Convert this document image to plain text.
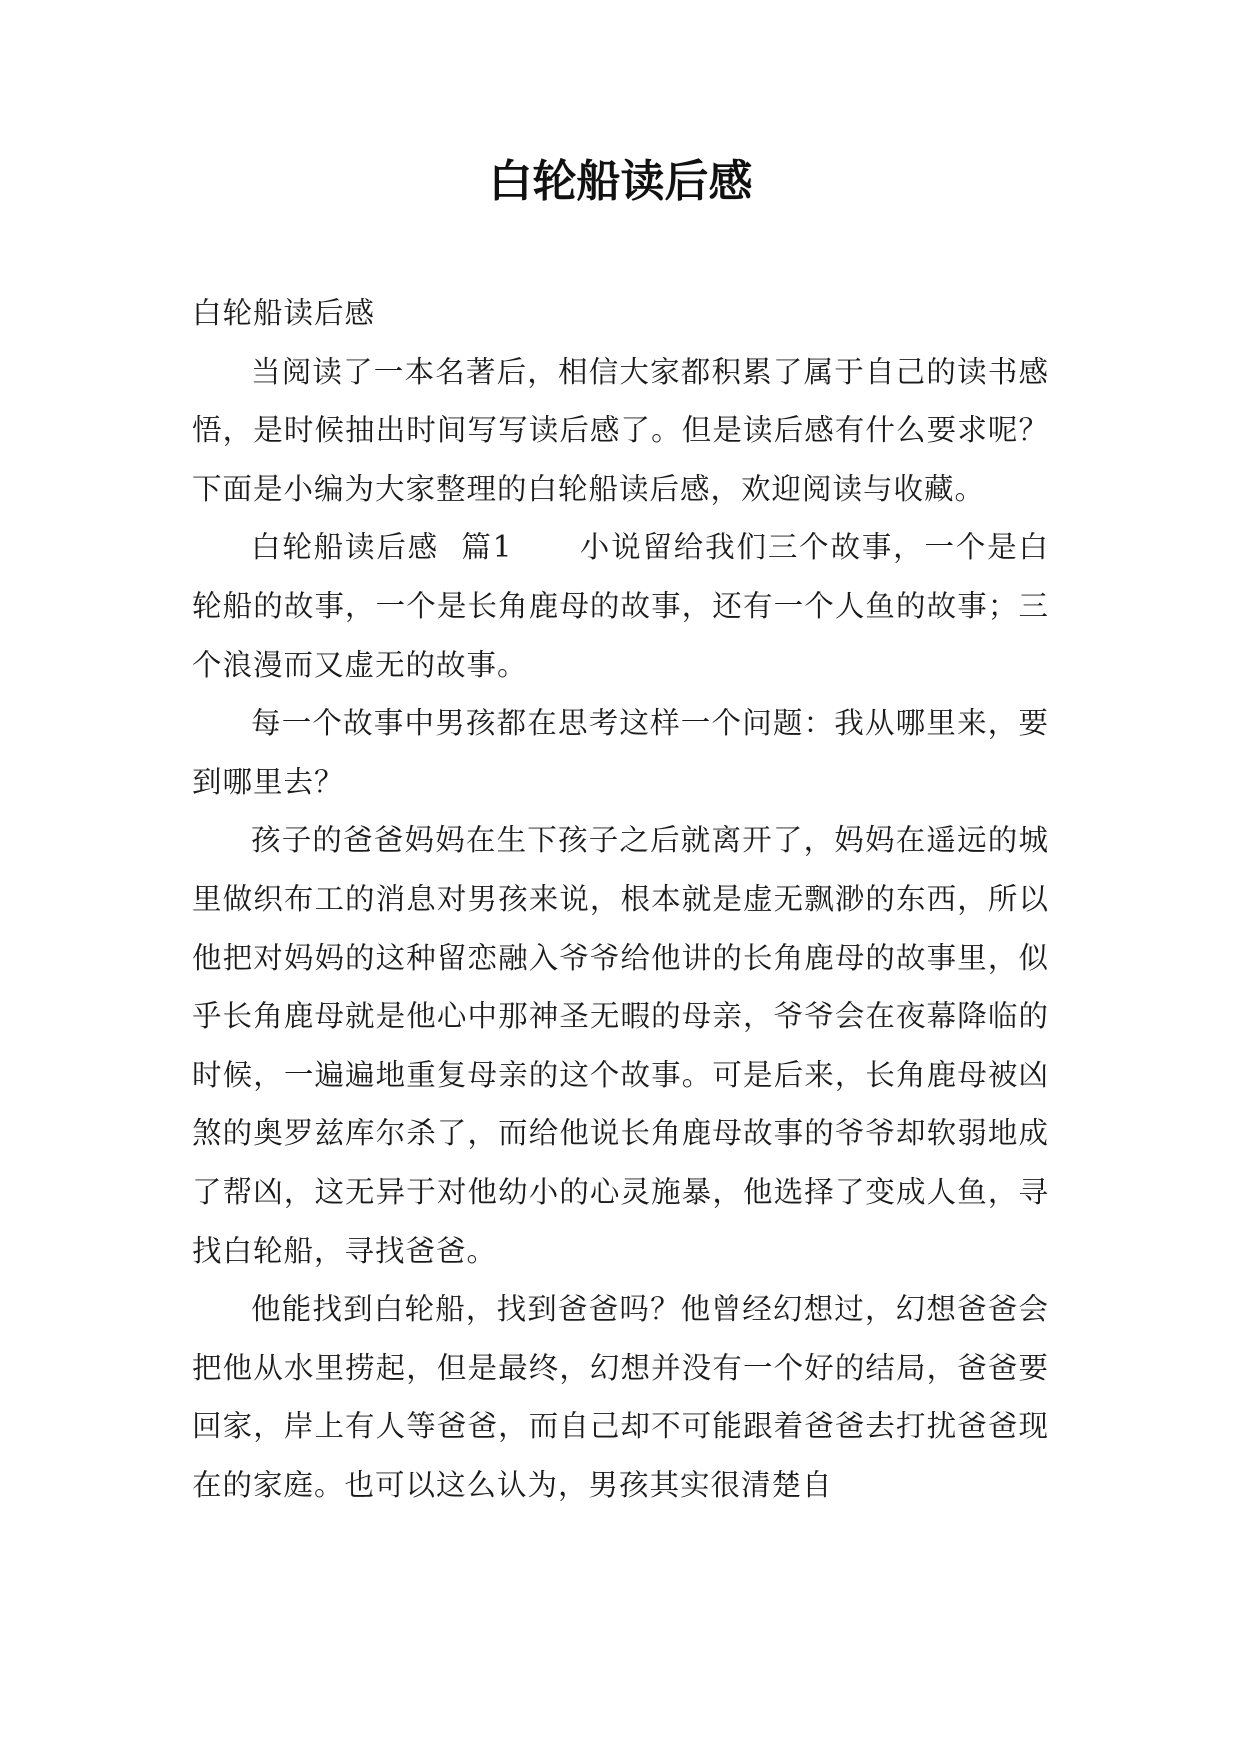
白轮船读后感

白轮船读后感

当阅读了一本名著后，相信大家都积累了属于自己的读书感悟，是时候抽出时间写写读后感了。但是读后感有什么要求呢？下面是小编为大家整理的白轮船读后感，欢迎阅读与收藏。

白轮船读后感  篇1      小说留给我们三个故事，一个是白轮船的故事，一个是长角鹿母的故事，还有一个人鱼的故事；三个浪漫而又虚无的故事。

每一个故事中男孩都在思考这样一个问题：我从哪里来，要到哪里去？

孩子的爸爸妈妈在生下孩子之后就离开了，妈妈在遥远的城里做织布工的消息对男孩来说，根本就是虚无飘渺的东西，所以他把对妈妈的这种留恋融入爷爷给他讲的长角鹿母的故事里，似乎长角鹿母就是他心中那神圣无暇的母亲，爷爷会在夜幕降临的时候，一遍遍地重复母亲的这个故事。可是后来，长角鹿母被凶煞的奥罗兹库尔杀了，而给他说长角鹿母故事的爷爷却软弱地成了帮凶，这无异于对他幼小的心灵施暴，他选择了变成人鱼，寻找白轮船，寻找爸爸。

他能找到白轮船，找到爸爸吗？他曾经幻想过，幻想爸爸会把他从水里捞起，但是最终，幻想并没有一个好的结局，爸爸要回家，岸上有人等爸爸，而自己却不可能跟着爸爸去打扰爸爸现在的家庭。也可以这么认为，男孩其实很清楚自
